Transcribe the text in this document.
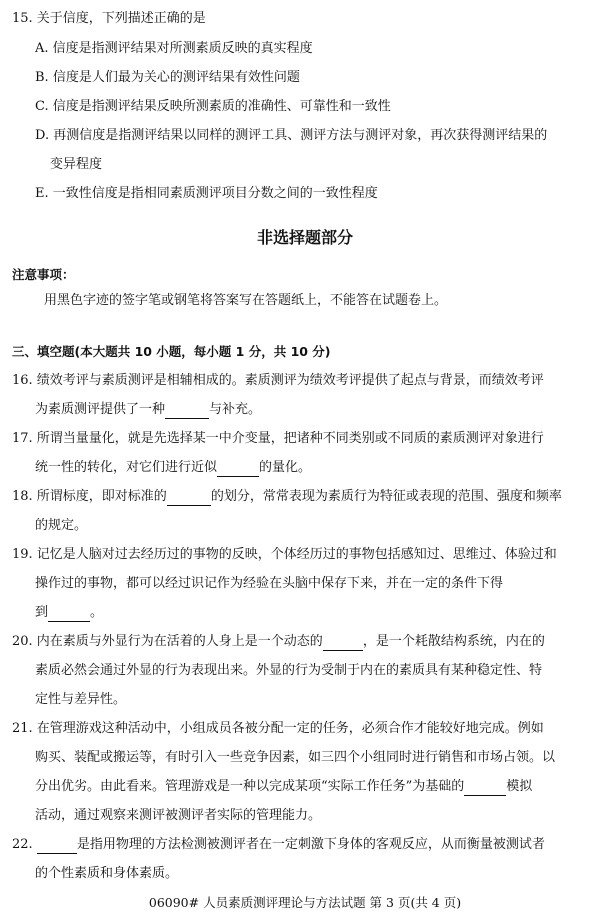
15. 关于信度，下列描述正确的是
A. 信度是指测评结果对所测素质反映的真实程度
B. 信度是人们最为关心的测评结果有效性问题
C. 信度是指测评结果反映所测素质的准确性、可靠性和一致性
D. 再测信度是指测评结果以同样的测评工具、测评方法与测评对象，再次获得测评结果的
变异程度
E. 一致性信度是指相同素质测评项目分数之间的一致性程度
非选择题部分
注意事项：
用黑色字迹的签字笔或钢笔将答案写在答题纸上，不能答在试题卷上。
三、填空题(本大题共 10 小题，每小题 1 分，共 10 分)
16. 绩效考评与素质测评是相辅相成的。素质测评为绩效考评提供了起点与背景，而绩效考评
为素质测评提供了一种	与补充。
17. 所谓当量量化，就是先选择某一中介变量，把诸种不同类别或不同质的素质测评对象进行
统一性的转化，对它们进行近似	的量化。
18. 所谓标度，即对标准的	的划分，常常表现为素质行为特征或表现的范围、强度和频率
的规定。
19. 记忆是人脑对过去经历过的事物的反映，个体经历过的事物包括感知过、思维过、体验过和
操作过的事物，都可以经过识记作为经验在头脑中保存下来，并在一定的条件下得
到	。
20. 内在素质与外显行为在活着的人身上是一个动态的	，是一个耗散结构系统，内在的
素质必然会通过外显的行为表现出来。外显的行为受制于内在的素质具有某种稳定性、特
定性与差异性。
21. 在管理游戏这种活动中，小组成员各被分配一定的任务，必须合作才能较好地完成。例如
购买、装配或搬运等，有时引入一些竞争因素，如三四个小组同时进行销售和市场占领。以
分出优劣。由此看来。管理游戏是一种以完成某项“实际工作任务”为基础的	模拟
活动，通过观察来测评被测评者实际的管理能力。
22.	是指用物理的方法检测被测评者在一定刺激下身体的客观反应，从而衡量被测试者
的个性素质和身体素质。
06090# 人员素质测评理论与方法试题 第 3 页(共 4 页)
